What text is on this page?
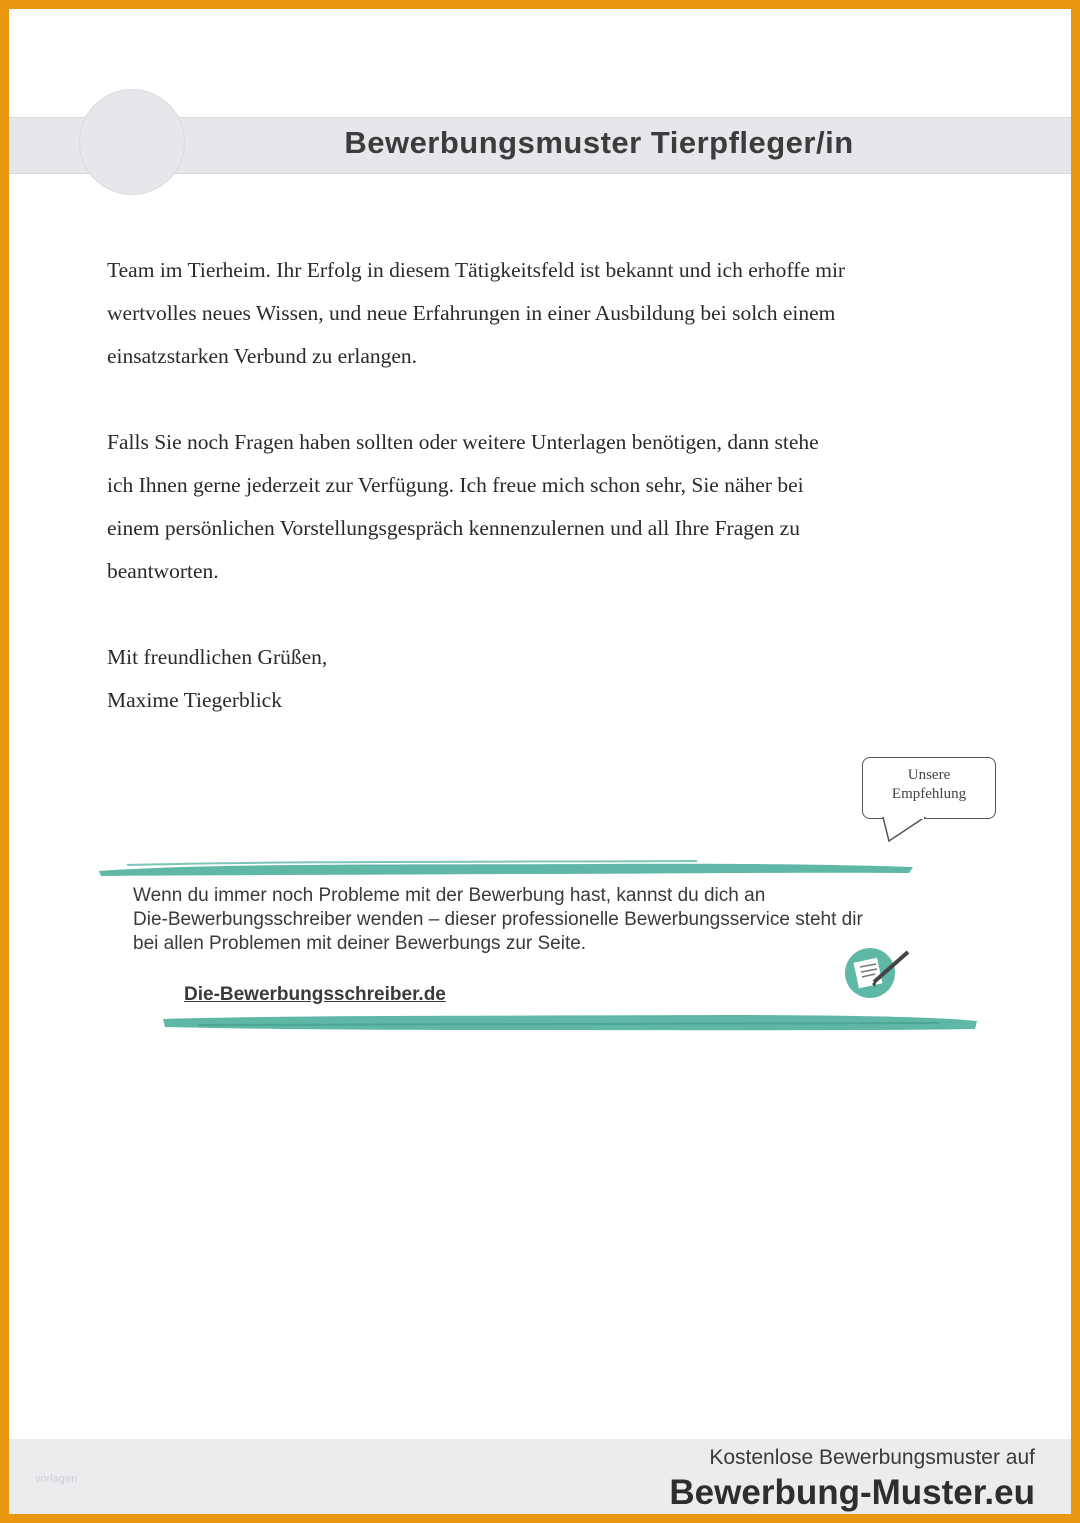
Bewerbungsmuster Tierpfleger/in

Team im Tierheim. Ihr Erfolg in diesem Tätigkeitsfeld ist bekannt und ich erhoffe mir

wertvolles neues Wissen, und neue Erfahrungen in einer Ausbildung bei solch einem

einsatzstarken Verbund zu erlangen.

Falls Sie noch Fragen haben sollten oder weitere Unterlagen benötigen, dann stehe

ich Ihnen gerne jederzeit zur Verfügung. Ich freue mich schon sehr, Sie näher bei

einem persönlichen Vorstellungsgespräch kennenzulernen und all Ihre Fragen zu

beantworten.

Mit freundlichen Grüßen,

Maxime Tiegerblick

Unsere
Empfehlung
Wenn du immer noch Probleme mit der Bewerbung hast, kannst du dich an
Die-Bewerbungsschreiber wenden – dieser professionelle Bewerbungsservice steht dir
bei allen Problemen mit deiner Bewerbungs zur Seite.
Die-Bewerbungsschreiber.de
vorlagen
Kostenlose Bewerbungsmuster auf
Bewerbung-Muster.eu
